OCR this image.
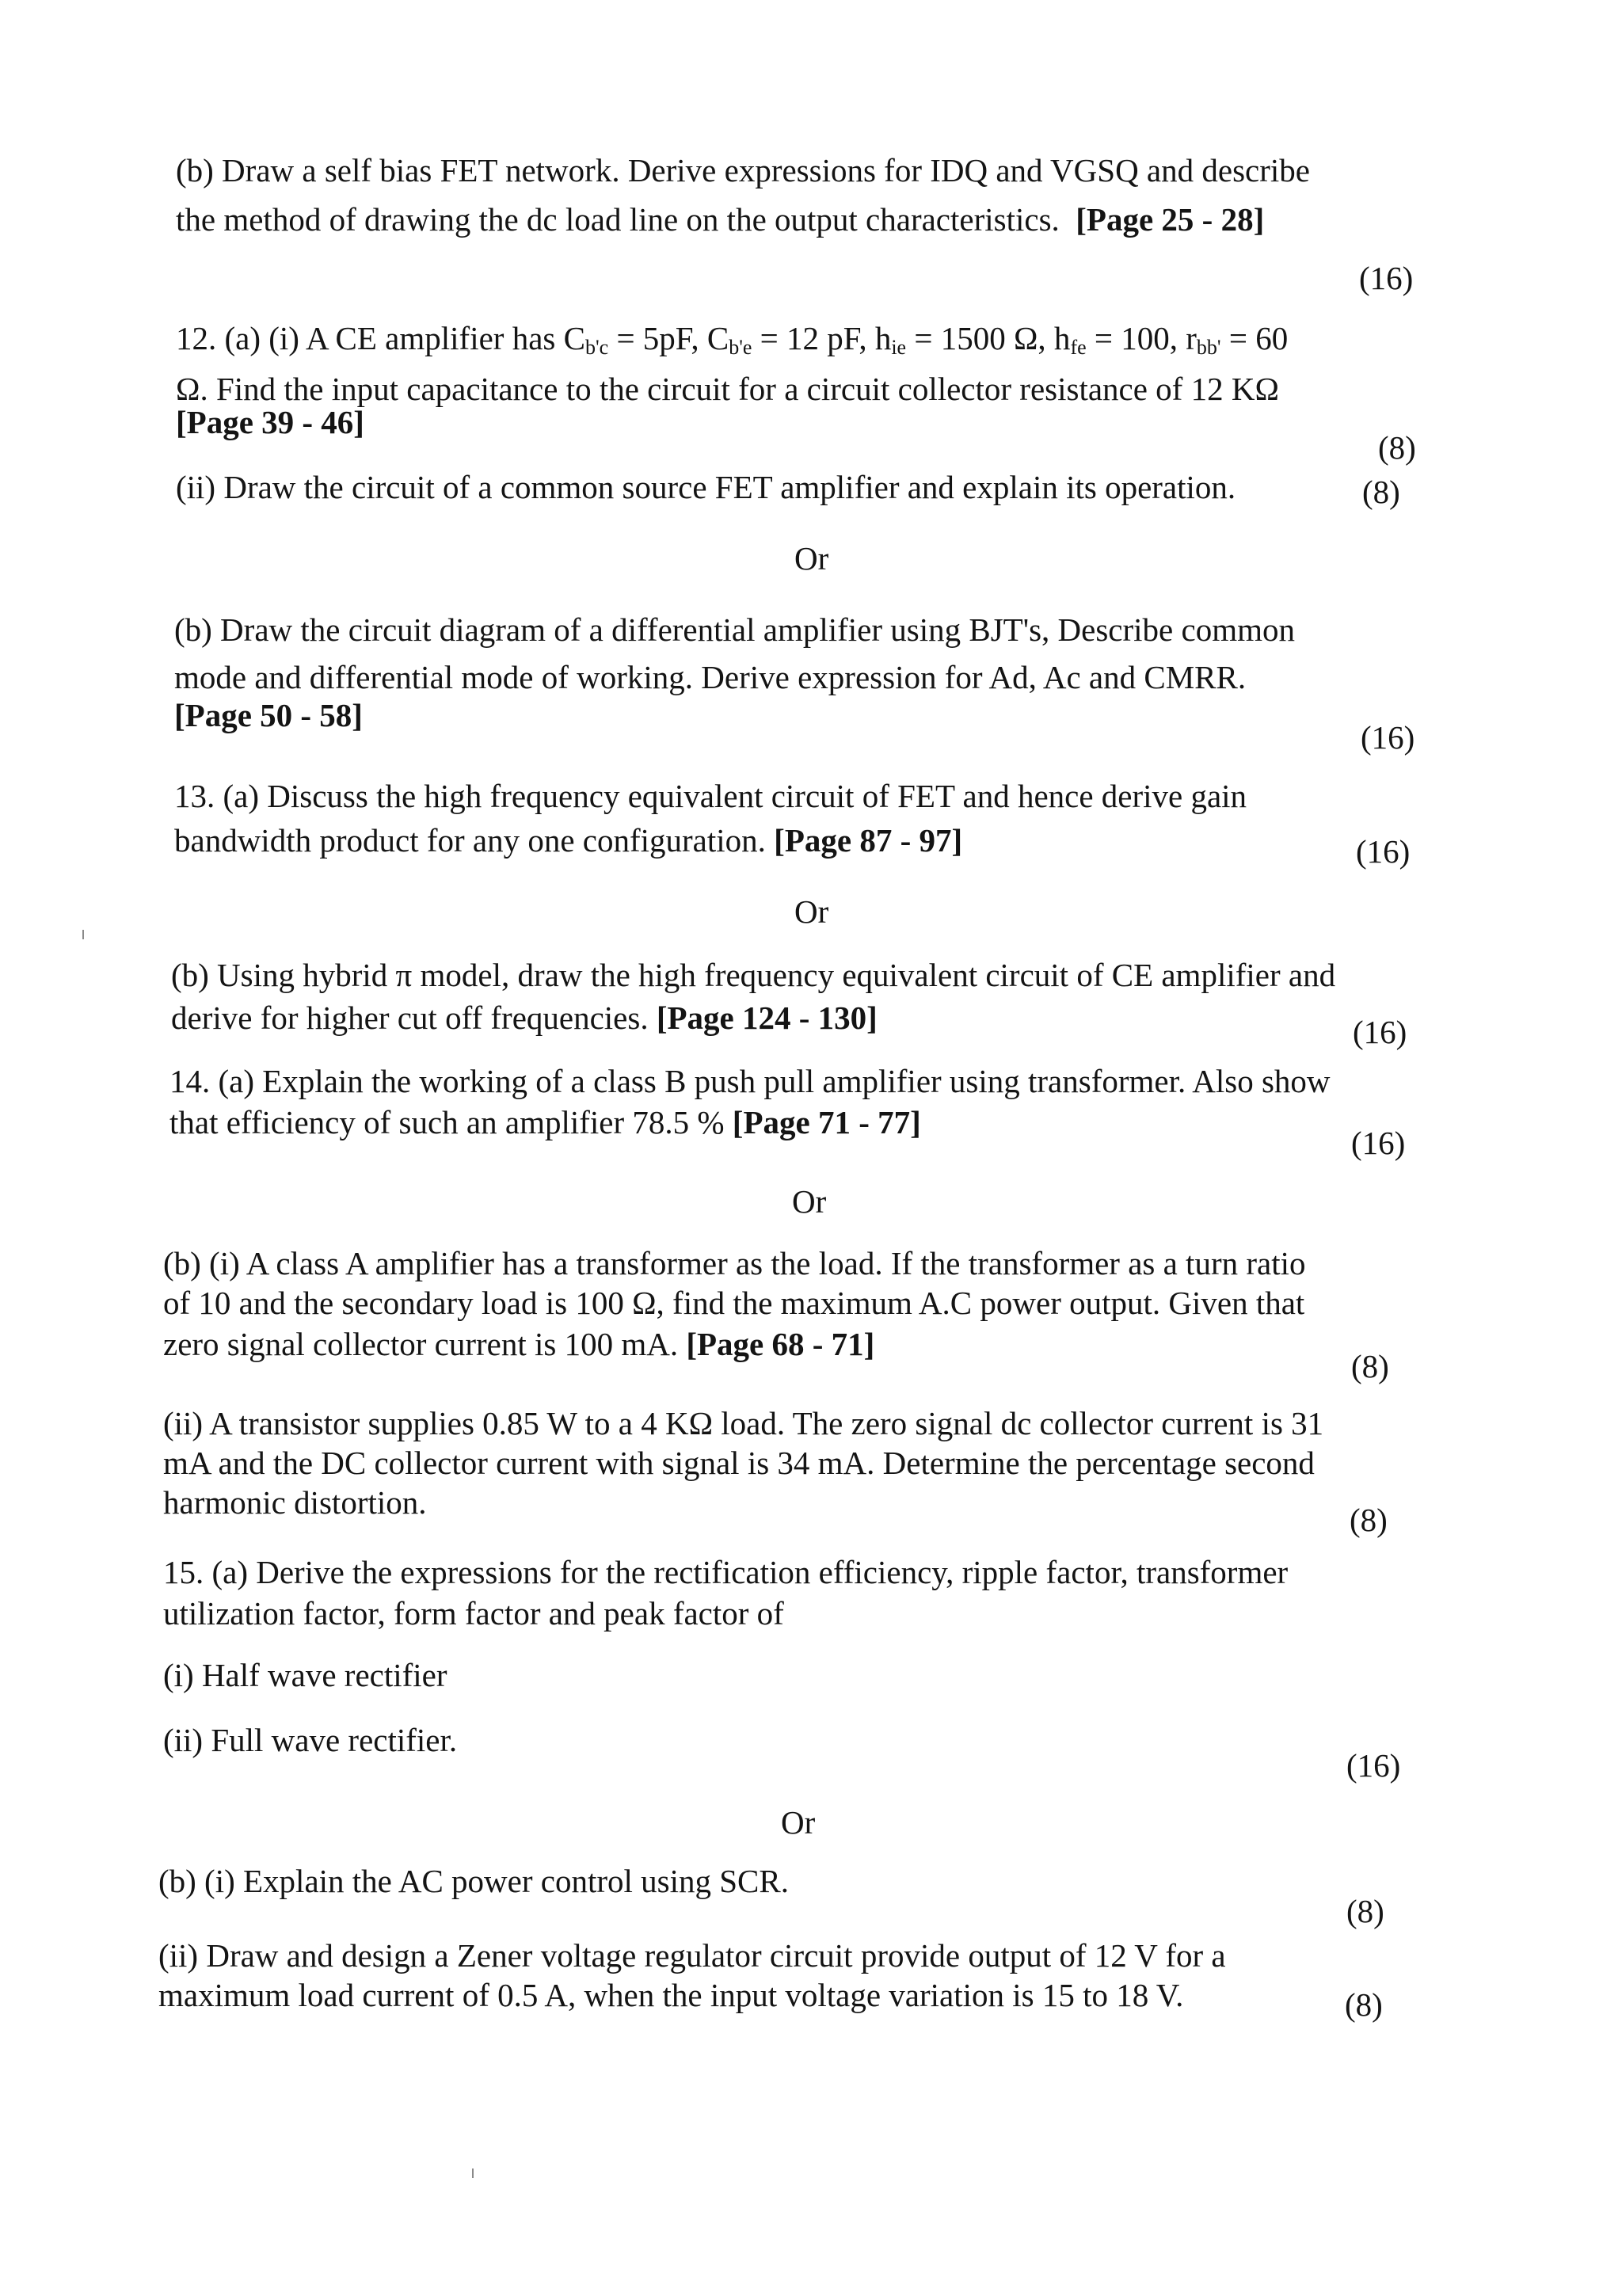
(b) Draw a self bias FET network. Derive expressions for IDQ and VGSQ and describe
the method of drawing the dc load line on the output characteristics. [Page 25 - 28]
(16)
12. (a) (i) A CE amplifier has $C_{b'c} = 5pF$, $C_{b'e} = 12$ pF, $h_{ie} = 1500$ Ω, $h_{fe} = 100$, $r_{bb'} = 60$
Ω. Find the input capacitance to the circuit for a circuit collector resistance of 12 KΩ
[Page 39 - 46]
(8)
(ii) Draw the circuit of a common source FET amplifier and explain its operation.	(8)
Or
(b) Draw the circuit diagram of a differential amplifier using BJT's, Describe common
mode and differential mode of working. Derive expression for Ad, Ac and CMRR.
[Page 50 - 58]
(16)
13. (a) Discuss the high frequency equivalent circuit of FET and hence derive gain
bandwidth product for any one configuration. [Page 87 - 97]	(16)
Or
(b) Using hybrid π model, draw the high frequency equivalent circuit of CE amplifier and
derive for higher cut off frequencies. [Page 124 - 130]	(16)
14. (a) Explain the working of a class B push pull amplifier using transformer. Also show
that efficiency of such an amplifier 78.5 % [Page 71 - 77]
(16)
Or
(b) (i) A class A amplifier has a transformer as the load. If the transformer as a turn ratio
of 10 and the secondary load is 100 Ω, find the maximum A.C power output. Given that
zero signal collector current is 100 mA. [Page 68 - 71]
(8)
(ii) A transistor supplies 0.85 W to a 4 KΩ load. The zero signal dc collector current is 31
mA and the DC collector current with signal is 34 mA. Determine the percentage second
harmonic distortion.	(8)
15. (a) Derive the expressions for the rectification efficiency, ripple factor, transformer
utilization factor, form factor and peak factor of
(i) Half wave rectifier
(ii) Full wave rectifier.
(16)
Or
(b) (i) Explain the AC power control using SCR.
(8)
(ii) Draw and design a Zener voltage regulator circuit provide output of 12 V for a
maximum load current of 0.5 A, when the input voltage variation is 15 to 18 V.	(8)
